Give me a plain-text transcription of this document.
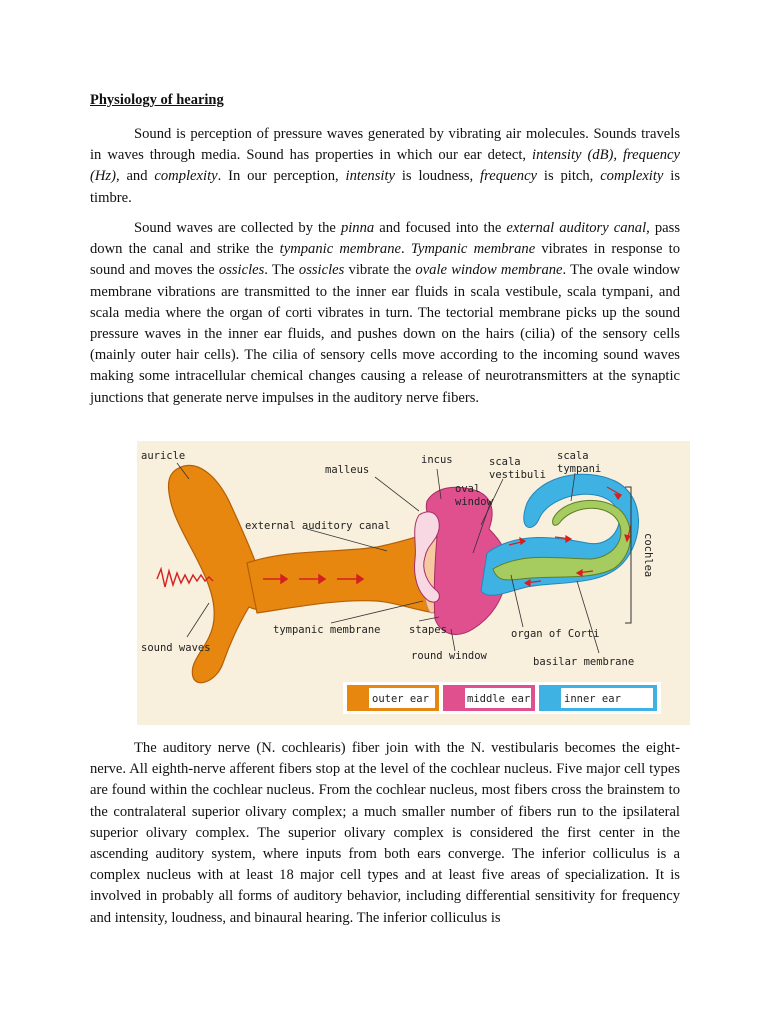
Physiology of hearing

Sound is perception of pressure waves generated by vibrating air molecules. Sounds travels in waves through media. Sound has properties in which our ear detect, intensity (dB), frequency (Hz), and complexity. In our perception, intensity is loudness, frequency is pitch, complexity is timbre.

Sound waves are collected by the pinna and focused into the external auditory canal, pass down the canal and strike the tympanic membrane. Tympanic membrane vibrates in response to sound and moves the ossicles. The ossicles vibrate the ovale window membrane. The ovale window membrane vibrations are transmitted to the inner ear fluids in scala vestibule, scala tympani, and scala media where the organ of corti vibrates in turn. The tectorial membrane picks up the sound pressure waves in the inner ear fluids, and pushes down on the hairs (cilia) of the sensory cells (mainly outer hair cells). The cilia of sensory cells move according to the incoming sound waves making some intracellular chemical changes causing a release of neurotransmitters at the synaptic junctions that generate nerve impulses in the auditory nerve fibers.

The auditory nerve (N. cochlearis) fiber join with the N. vestibularis becomes the eight-nerve. All eighth-nerve afferent fibers stop at the level of the cochlear nucleus. Five major cell types are found within the cochlear nucleus. From the cochlear nucleus, most fibers cross the brainstem to the contralateral superior olivary complex; a much smaller number of fibers run to the ipsilateral superior olivary complex. The superior olivary complex is considered the first center in the ascending auditory system, where inputs from both ears converge. The inferior colliculus is a complex nucleus with at least 18 major cell types and at least five areas of specialization. It is involved in probably all forms of auditory behavior, including differential sensitivity for frequency and intensity, loudness, and binaural hearing. The inferior colliculus is

auricle
malleus
incus	scala
vestibuli
scala
tympani
oval
window
external auditory canal
cochlea
tympanic membrane	stapes	organ of Corti
sound waves
round window	basilar membrane
outer ear	middle ear	inner ear
